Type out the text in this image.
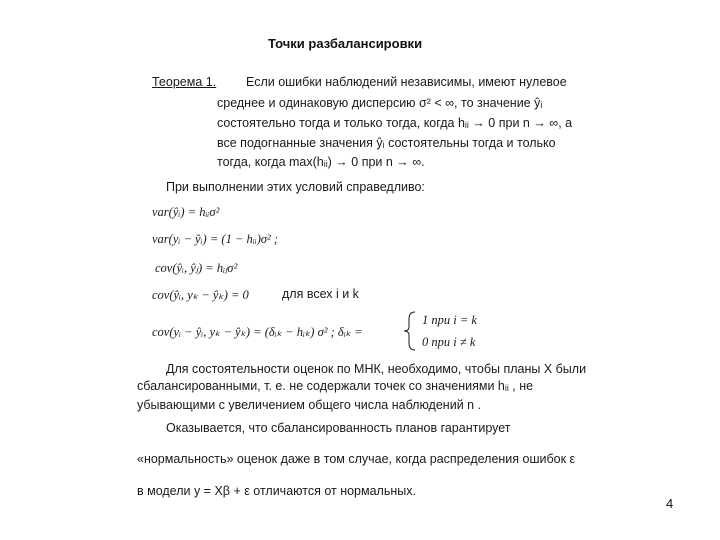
Точки разбалансировки
Теорема 1. Если ошибки наблюдений независимы, имеют нулевое
среднее и одинаковую дисперсию σ² < ∞, то значение ŷᵢ
состоятельно тогда и только тогда, когда hᵢᵢ → 0 при n → ∞, а
все подогнанные значения ŷᵢ состоятельны тогда и только
тогда, когда max(hᵢᵢ) → 0 при n → ∞.
При выполнении этих условий справедливо:
var(ŷᵢ) = hᵢᵢσ²
var(yᵢ − ŷᵢ) = (1 − hᵢᵢ)σ² ;
cov(ŷᵢ, ŷⱼ) = hᵢⱼσ²
cov(ŷᵢ, yₖ − ŷₖ) = 0	для всех i и k
cov(yᵢ − ŷᵢ, yₖ − ŷₖ) = (δᵢₖ − hᵢₖ) σ² ; δᵢₖ =
1 при i = k
0 при i ≠ k
Для состоятельности оценок по МНК, необходимо, чтобы планы X были
сбалансированными, т. е. не содержали точек со значениями hᵢᵢ , не
убывающими с увеличением общего числа наблюдений n .
Оказывается, что сбалансированность планов гарантирует
«нормальность» оценок даже в том случае, когда распределения ошибок ε
в модели y = Xβ + ε отличаются от нормальных.
4
